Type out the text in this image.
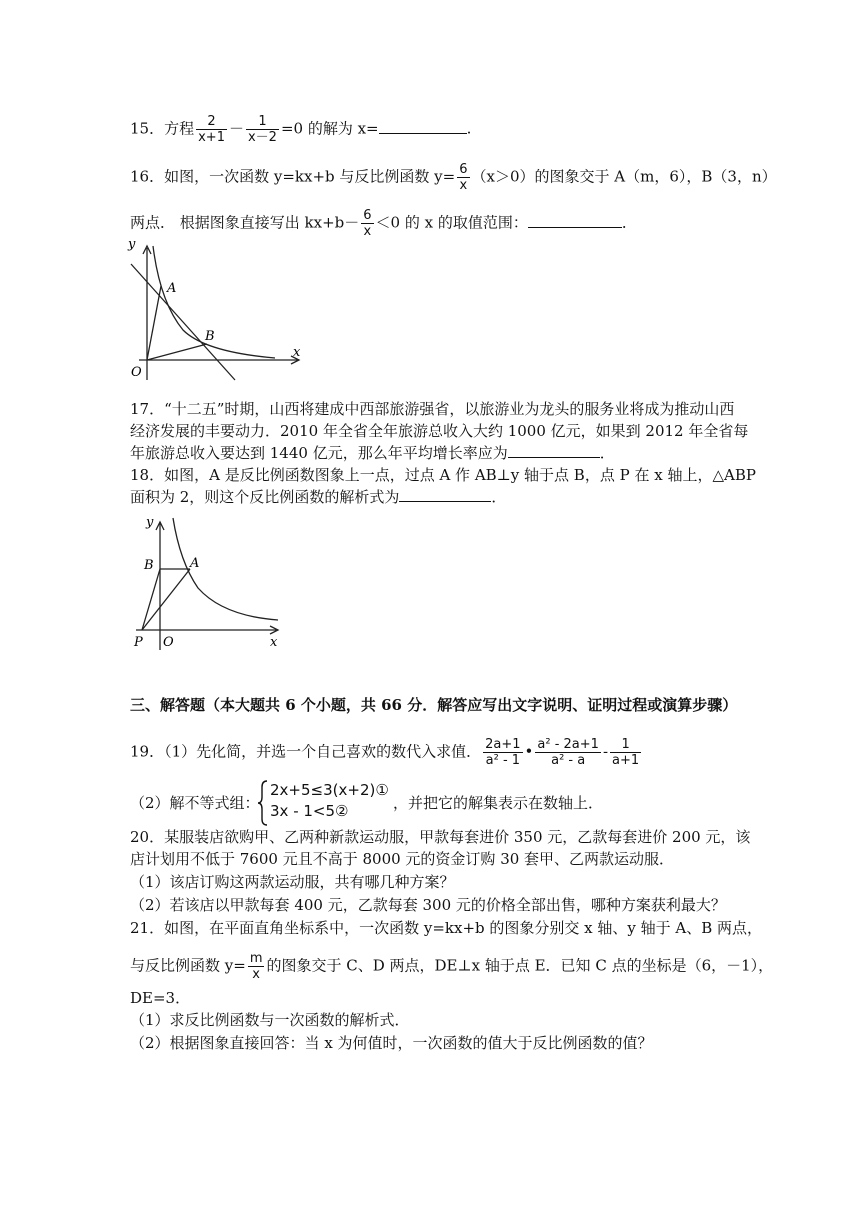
15．方程 $\frac{2}{x+1} - \frac{1}{x-2} =0$ 的解为 x=	.
16．如图，一次函数 y=kx+b 与反比例函数 $y= \frac{6}{x} (x>0)$的图象交于 A（m，6），B（3，n）
两点． 根据图象直接写出 $kx+b- \frac{6}{x} <0$ 的 x 的取值范围：	．
y
x
O
A
B
17．“十二五”时期，山西将建成中西部旅游强省，以旅游业为龙头的服务业将成为推动山西
经济发展的丰要动力．2010 年全省全年旅游总收入大约 1000 亿元，如果到 2012 年全省每
年旅游总收入要达到 1440 亿元，那么年平均增长率应为	．
18．如图，A 是反比例函数图象上一点，过点 A 作 AB⊥y 轴于点 B，点 P 在 x 轴上，△ABP
面积为 2，则这个反比例函数的解析式为	．
y
x
O
B	A
P
三、解答题（本大题共 6 个小题，共 66 分．解答应写出文字说明、证明过程或演算步骤）
19．（1）先化简，并选一个自己喜欢的数代入求值． $\frac{2a+1}{\text{a² - 1}}$ • $\frac{\text{a² - 2a+1}}{\text{a² - a}} - \frac{1}{a+1}$
（2）解不等式组：
2x+5≤3(x+2)①
3x - 1<5②	，并把它的解集表示在数轴上．
20．某服装店欲购甲、乙两种新款运动服，甲款每套进价 350 元，乙款每套进价 200 元，该
店计划用不低于 7600 元且不高于 8000 元的资金订购 30 套甲、乙两款运动服．
（1）该店订购这两款运动服，共有哪几种方案？
（2）若该店以甲款每套 400 元，乙款每套 300 元的价格全部出售，哪种方案获利最大？
21．如图，在平面直角坐标系中，一次函数 y=kx+b 的图象分别交 x 轴、y 轴于 A、B 两点，
与反比例函数 $y= \frac{m}{x}$ 的图象交于 C、D 两点，DE⊥x 轴于点 E．已知 C 点的坐标是（6，－1），
DE=3．
（1）求反比例函数与一次函数的解析式．
（2）根据图象直接回答：当 x 为何值时，一次函数的值大于反比例函数的值？
